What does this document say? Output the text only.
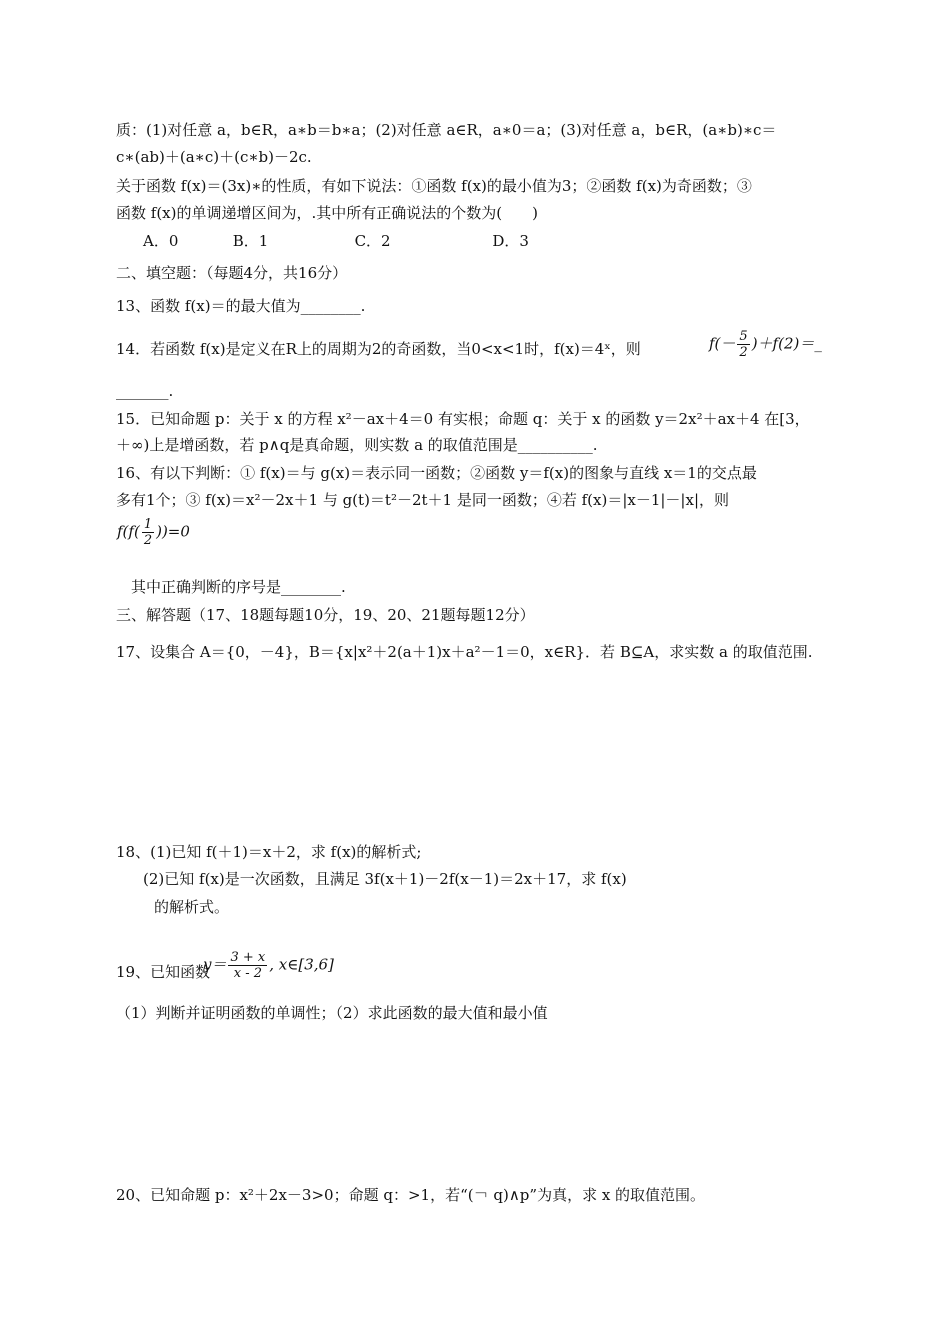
质：(1)对任意 a，b∈R，a∗b＝b∗a；(2)对任意 a∈R，a∗0＝a；(3)对任意 a，b∈R，(a∗b)∗c＝
c∗(ab)＋(a∗c)＋(c∗b)－2c.
关于函数 f(x)＝(3x)∗的性质，有如下说法：①函数 f(x)的最小值为3；②函数 f(x)为奇函数；③
函数 f(x)的单调递增区间为，.其中所有正确说法的个数为(　　)
A．0	B．1	C．2	D．3
二、填空题：（每题4分，共16分）
13、函数 f(x)＝的最大值为________.
14．若函数 f(x)是定义在R上的周期为2的奇函数，当0<x<1时，f(x)＝4ˣ，则	$f(- \frac{5}{2}$ )＋f(2)＝_
_______.
15．已知命题 p：关于 x 的方程 x²－ax＋4＝0 有实根；命题 q：关于 x 的函数 y＝2x²＋ax＋4 在[3，
＋∞)上是增函数，若 p∧q是真命题，则实数 a 的取值范围是__________.
16、有以下判断：① f(x)＝与 g(x)＝表示同一函数；②函数 y＝f(x)的图象与直线 x＝1的交点最
多有1个；③ f(x)＝x²－2x＋1 与 g(t)＝t²－2t＋1 是同一函数；④若 f(x)＝|x－1|－|x|，则
$f(f( \frac{1}{2} ))=0$
其中正确判断的序号是________.
三、解答题（17、18题每题10分，19、20、21题每题12分）
17、设集合 A＝{0，－4}，B＝{x|x²＋2(a＋1)x＋a²－1＝0，x∈R}．若 B⊆A，求实数 a 的取值范围.
18、(1)已知 f(＋1)＝x＋2，求 f(x)的解析式;
(2)已知 f(x)是一次函数，且满足 3f(x＋1)－2f(x－1)＝2x＋17，求 f(x)
的解析式。
19、已知函数
$y= \frac{3 + x}{x - 2}$ , x∈[3,6]
（1）判断并证明函数的单调性；（2）求此函数的最大值和最小值
20、已知命题 p：x²＋2x－3>0；命题 q：>1，若“(￢ q)∧p”为真，求 x 的取值范围。
